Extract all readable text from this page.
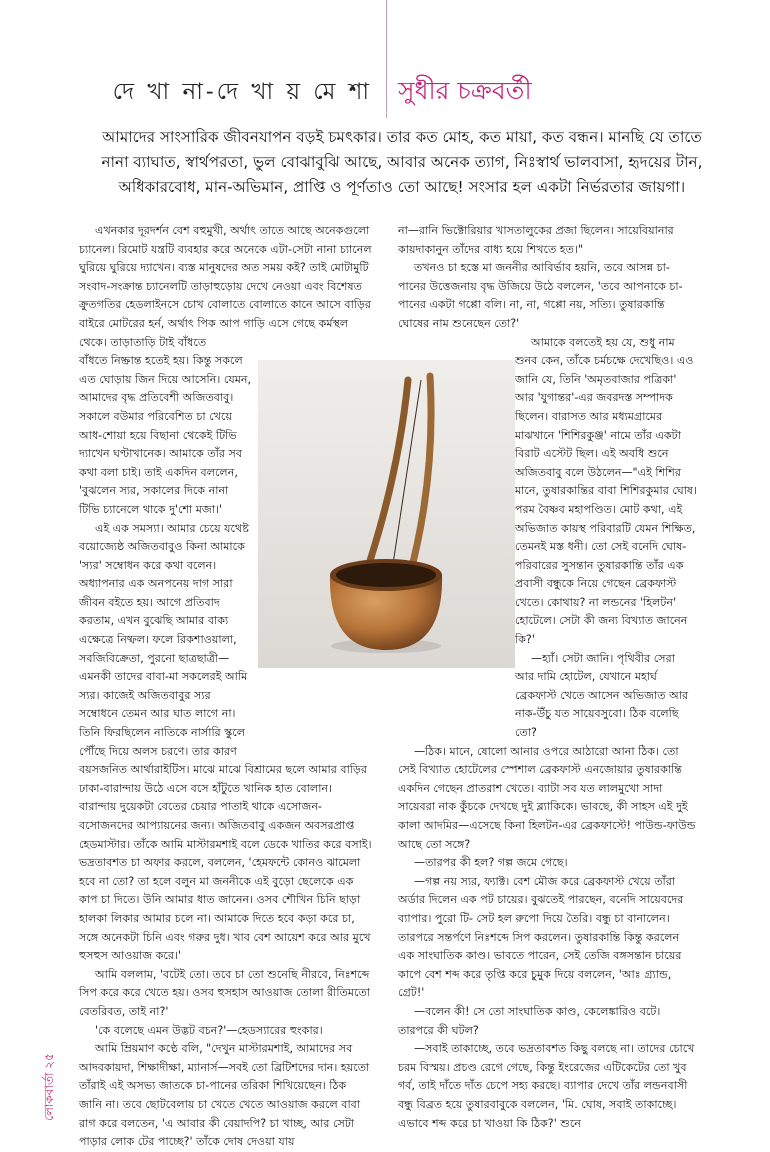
দে খা না-দে খা য় মে শা সুধীর চক্রবর্তী
আমাদের সাংসারিক জীবনযাপন বড়ই চমৎকার। তার কত মোহ, কত মায়া, কত বন্ধন। মানছি যে তাতে নানা ব্যাঘাত, স্বার্থপরতা, ভুল বোঝাবুঝি আছে, আবার অনেক ত্যাগ, নিঃস্বার্থ ভালবাসা, হৃদয়ের টান, অধিকারবোধ, মান-অভিমান, প্রাপ্তি ও পূর্ণতাও তো আছে! সংসার হল একটা নির্ভরতার জায়গা।

এখনকার দূরদর্শন বেশ বহুমুখী, অর্থাৎ তাতে আছে অনেকগুলো চ্যানেল। রিমোট যন্ত্রটি ব্যবহার করে অনেকে এটা-সেটা নানা চ্যানেল ঘুরিয়ে ঘুরিয়ে দ্যাখেন। ব্যস্ত মানুষদের অত সময় কই? তাই মোটামুটি সংবাদ-সংক্রান্ত চ্যানেলটি তাড়াহুড়োয় দেখে নেওয়া এবং বিশেষত ক্রুতগতির হেডলাইনসে চোখ বোলাতে বোলাতে কানে আসে বাড়ির বাইরে মোটরের হর্ন, অর্থাৎ পিক আপ গাড়ি এসে গেছে কর্মস্থল থেকে। তাড়াতাড়ি টাই বাঁধতে

বাঁধতে নিষ্ক্রান্ত হতেই হয়। কিন্তু সকলে এত ঘোড়ায় জিন দিয়ে আসেনি। যেমন, আমাদের বৃদ্ধ প্রতিবেশী অজিতবাবু। সকালে বউমার পরিবেশিত চা খেয়ে আধ-শোয়া হয়ে বিছানা থেকেই টিভি দ্যাখেন ঘণ্টাখানেক। আমাকে তাঁর সব কথা বলা চাই। তাই একদিন বললেন, 'বুঝলেন স্যর, সকালের দিকে নানা টিভি চ্যানেলে থাকে দু'শো মজা।'

এই এক সমস্যা। আমার চেয়ে যথেষ্ট বয়োজ্যেষ্ঠ অজিতবাবুও কিনা আমাকে 'স্যর' সম্বোধন করে কথা বলেন। অধ্যাপনার এক অনপনেয় দাগ সারা জীবন বইতে হয়। আগে প্রতিবাদ করতাম, এখন বুঝেছি আমার বাক্য এক্ষেত্রে নিষ্ফল। ফলে রিকশাওয়ালা, সবজিবিক্রেতা, পুরনো ছাত্রছাত্রী—এমনকী তাদের বাবা-মা সকলেরই আমি স্যর। কাজেই অজিতবাবুর স্যর সম্বোধনে তেমন আর ঘাত লাগে না। তিনি ফিরছিলেন নাতিকে নার্সারি স্কুলে পৌঁছে দিয়ে অলস চরণে। তার কারণ

বয়সজনিত আর্থারাইটিস। মাঝে মাঝে বিশ্রামের ছলে আমার বাড়ির ঢাকা-বারান্দায় উঠে এসে বসে হাঁটুতে খানিক হাত বোলান। বারান্দায় দুয়েকটা বেতের চেয়ার পাতাই থাকে এসোজন-বসোজনদের আপ্যায়নের জন্য। অজিতবাবু একজন অবসরপ্রাপ্ত হেডমাস্টার। তাঁকে আমি মাস্টারমশাই বলে ডেকে খাতির করে বসাই। ভদ্রতাবশত চা অফার করলে, বললেন, 'হেমফন্টে কোনও ঝামেলা হবে না তো? তা হলে বলুন মা জননীকে এই বুড়ো ছেলেকে এক কাপ চা দিতে। উনি আমার ধাত জানেন। ওসব শৌখিন চিনি ছাড়া হালকা লিকার আমার চলে না। আমাকে দিতে হবে কড়া করে চা, সঙ্গে অনেকটা চিনি এবং গরুর দুধ। খাব বেশ আয়েশ করে আর মুখে হুসহুস আওয়াজ করে।'

আমি বললাম, 'বটেই তো। তবে চা তো শুনেছি নীরবে, নিঃশব্দে সিপ করে করে খেতে হয়। ওসব হুসহাস আওয়াজ তোলা রীতিমতো বেতরিবত, তাই না?'

'কে বলেছে এমন উদ্ভট বচন?'—হেডস্যারের হুংকার।

আমি ম্রিয়মাণ কণ্ঠে বলি, "দেখুন মাস্টারমশাই, আমাদের সব আদবকায়দা, শিক্ষাদীক্ষা, ম্যানার্স—সবই তো ব্রিটিশদের দান। হয়তো তাঁরাই এই অসভ্য জাতকে চা-পানের তরিকা শিখিয়েছেন। ঠিক জানি না। তবে ছোটবেলায় চা খেতে খেতে আওয়াজ করলে বাবা রাগ করে বলতেন, 'এ আবার কী বেয়াদপি? চা খাচ্ছ, আর সেটা পাড়ার লোক টের পাচ্ছে?' তাঁকে দোষ দেওয়া যায়

না—রানি ভিক্টোরিয়ার খাসতালুকের প্রজা ছিলেন। সায়েবিয়ানার কায়দাকানুন তাঁদের বাধ্য হয়ে শিখতে হত।"

তখনও চা হস্তে মা জননীর আবির্ভাব হয়নি, তবে আসন্ন চা-পানের উত্তেজনায় বৃদ্ধ উজিয়ে উঠে বললেন, 'তবে আপনাকে চা-পানের একটা গপ্পো বলি। না, না, গপ্পো নয়, সত্যি। তুষারকান্তি ঘোষের নাম শুনেছেন তো?'

আমাকে বলতেই হয় যে, শুধু নাম শুনব কেন, তাঁকে চর্মচক্ষে দেখেছিও। এও জানি যে, তিনি 'অমৃতবাজার পত্রিকা' আর 'যুগান্তর'-এর জবরদস্ত সম্পাদক ছিলেন। বারাসত আর মধ্যমগ্রামের মাঝখানে 'শিশিরকুঞ্জ' নামে তাঁর একটা বিরাট এস্টেট ছিল। এই অবধি শুনে অজিতবাবু বলে উঠলেন—"এই শিশির মানে, তুষারকান্তির বাবা শিশিরকুমার ঘোষ। পরম বৈষ্ণব মহাপণ্ডিত। মোট কথা, এই অভিজাত কায়স্থ পরিবারটি যেমন শিক্ষিত, তেমনই মস্ত ধনী। তো সেই বনেদি ঘোষ-পরিবারের সুসন্তান তুষারকান্তি তাঁর এক প্রবাসী বন্ধুকে নিয়ে গেছেন ব্রেকফাস্ট খেতে। কোথায়? না লন্ডনের 'হিলটন' হোটেলে। সেটা কী জন্য বিখ্যাত জানেন কি?'

—হ্যাঁ। সেটা জানি। পৃথিবীর সেরা আর দামি হোটেল, যেখানে মহার্ঘ ব্রেকফাস্ট খেতে আসেন অভিজাত আর নাক-উঁচু যত সায়েবসুবো। ঠিক বলেছি তো?

—ঠিক। মানে, ষোলো আনার ওপরে আঠারো আনা ঠিক। তো সেই বিখ্যাত হোটেলের স্পেশাল ব্রেকফাস্ট এনজোয়ার তুষারকান্তি একদিন গেছেন প্রাতরাশ খেতে। ব্যাটা সব যত লালমুখো সাদা সায়েবরা নাক কুঁচকে দেখছে দুই ব্ল্যাকিকে। ভাবছে, কী সাহস এই দুই কালা আদমির—এসেছে কিনা হিলটন-এর ব্রেকফাস্টে! পাউন্ড-ফাউন্ড আছে তো সঙ্গে?

—তারপর কী হল? গল্প জমে গেছে।

—গল্প নয় স্যর, ফ্যাক্ট। বেশ মৌজ করে ব্রেকফাস্ট খেয়ে তাঁরা অর্ডার দিলেন এক পট চায়ের। বুঝতেই পারছেন, বনেদি সায়েবদের ব্যাপার। পুরো টি- সেট হল রুপো দিয়ে তৈরি। বন্ধু চা বানালেন। তারপরে সন্তর্পণে নিঃশব্দে সিপ করলেন। তুষারকান্তি কিন্তু করলেন এক সাংঘাতিক কাণ্ড। ভাবতে পারেন, সেই তেজি বঙ্গসন্তান চায়ের কাপে বেশ শব্দ করে তৃপ্তি করে চুমুক দিয়ে বললেন, 'আঃ গ্র্যান্ড, গ্রেট!'

—বলেন কী! সে তো সাংঘাতিক কাণ্ড, কেলেঙ্কারিও বটে। তারপরে কী ঘটল?

—সবাই তাকাচ্ছে, তবে ভদ্রতাবশত কিছু বলছে না। তাদের চোখে চরম বিস্ময়। প্রচণ্ড রেগে গেছে, কিন্তু ইংরেজের এটিকেটের তো খুব গর্ব, তাই দাঁতে দাঁত চেপে সহ্য করছে। ব্যাপার দেখে তাঁর লন্ডনবাসী বন্ধু বিব্রত হয়ে তুষারবাবুকে বললেন, 'মি. ঘোষ, সবাই তাকাচ্ছে। এভাবে শব্দ করে চা খাওয়া কি ঠিক?' শুনে

লোকবাৰ্তা ২৫
